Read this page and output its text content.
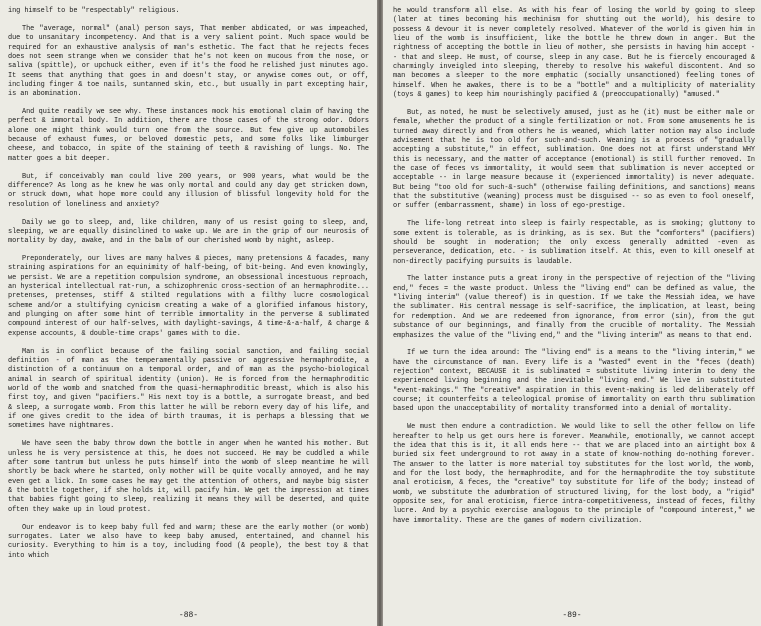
ing himself to be "respectably" religious.

The "average, normal" (anal) person says, That member abdicated, or was impeached, due to unsanitary incompetency. And that is a very salient point. Much space would be required for an exhaustive analysis of man's esthetic. The fact that he rejects feces does not seem strange when we consider that he's not keen on mucous from the nose, or saliva (spittle), or upchuck either, even if it's the food he relished just minutes ago. It seems that anything that goes in and doesn't stay, or anywise comes out, or off, including finger & toe nails, suntanned skin, etc., but usually in part excepting hair, is an abomination.

And quite readily we see why. These instances mock his emotional claim of having the perfect & immortal body. In addition, there are those cases of the strong odor. Odors alone one might think would turn one from the source. But few give up automobiles because of exhaust fumes, or beloved domestic pets, and some folks like limburger cheese, and tobacco, in spite of the staining of teeth & ravishing of lungs. No. The matter goes a bit deeper.

But, if conceivably man could live 200 years, or 900 years, what would be the difference? As long as he knew he was only mortal and could any day get stricken down, or struck down, what hope more could any illusion of blissful longevity hold for the resolution of loneliness and anxiety?

Daily we go to sleep, and, like children, many of us resist going to sleep, and, sleeping, we are equally disinclined to wake up. We are in the grip of our neurosis of mortality by day, awake, and in the balm of our cherished womb by night, asleep.

Preponderately, our lives are many halves & pieces, many pretensions & facades, many straining aspirations for an equinimity of half-being, of bit-being. And even knowingly, we persist. We are a repetition compulsion syndrome, an obsessional incestuous reproach, an hysterical intellectual rat-run, a schizophrenic cross-section of an hermaphrodite... pretenses, pretenses, stiff & stilted regulations with a filthy lucre cosmological scheme and/or a stultifying cynicism creating a wake of a glorified infamous history, and plunging on after some hint of terrible immortality in the perverse & sublimated compound interest of our half-selves, with daylight-savings, & time-&-a-half, & charge & expense accounts, & double-time craps' games with to die.

Man is in conflict because of the failing social sanction, and failing social definition - of man as the temperamentally passive or aggressive hermaphrodite, a distinction of a continuum on a temporal order, and of man as the psycho-biological animal in search of spiritual identity (union). He is forced from the hermaphroditic world of the womb and snatched from the quasi-hermaphroditic breast, which is also his first toy, and given "pacifiers." His next toy is a bottle, a surrogate breast, and bed & sleep, a surrogate womb. From this latter he will be reborn every day of his life, and if one gives credit to the idea of birth traumas, it is perhaps a blessing that we sometimes have nightmares.

We have seen the baby throw down the bottle in anger when he wanted his mother. But unless he is very persistence at this, he does not succeed. He may be cuddled a while after some tantrum but unless he puts himself into the womb of sleep meantime he will shortly be back where he started, only mother will be quite vocally annoyed, and he may even get a lick. In some cases he may get the attention of others, and maybe big sister & the bottle together, if she holds it, will pacify him. We get the impression at times that babies fight going to sleep, realizing it means they will be deserted, and quite often they wake up in loud protest.

Our endeavor is to keep baby full fed and warm; these are the early mother (or womb) surrogates. Later we also have to keep baby amused, entertained, and channel his curiosity. Everything to him is a toy, including food (& people), the best toy & that into which

-88-

he would transform all else. As with his fear of losing the world by going to sleep (later at times becoming his mechinism for shutting out the world), his desire to possess & devour it is never completely resolved. Whatever of the world is given him in lieu of the womb is insufficient, like the bottle he threw down in anger. But the rightness of accepting the bottle in lieu of mother, she persists in having him accept -- that and sleep. He must, of course, sleep in any case. But he is fiercely encouraged & charmingly inveigled into sleeping, thereby to resolve his wakeful discontent. And so man becomes a sleeper to the more emphatic (socially unsanctioned) feeling tones of himself. When he awakes, there is to be a "bottle" and a multiplicity of materiality (toys & games) to keep him nourishingly pacified & (preoccupationally) "amused."

But, as noted, he must be selectively amused, just as he (it) must be either male or female, whether the product of a single fertilization or not. From some amusements he is turned away directly and from others he is weaned, which latter notion may also include advisement that he is too old for such-and-such. Weaning is a process of "gradually accepting a substitute," in effect, sublimation. One does not at first understand WHY this is necessary, and the matter of acceptance (emotional) is still further removed. In the case of feces vs immortality, it would seem that sublimation is never accepted or acceptable -- in large measure because it (experienced immortality) is never adequate. But being "too old for such-&-such" (otherwise failing definitions, and sanctions) means that the substitutive (weaning) process must be disguised -- so as even to fool oneself, or suffer (embarrassment, shame) in loss of ego-prestige.

The life-long retreat into sleep is fairly respectable, as is smoking; gluttony to some extent is tolerable, as is drinking, as is sex. But the "comforters" (pacifiers) should be sought in moderation; the only excess generally admitted -even as perseverance, dedication, etc. - is sublimation itself. At this, even to kill oneself at non-directly pacifying pursuits is laudable.

The latter instance puts a great irony in the perspective of rejection of the "living end," feces = the waste product. Unless the "living end" can be defined as value, the "living interim" (value thereof) is in question. If we take the Messiah idea, we have the sublimater. His central message is self-sacrifice, the implication, at least, being for redemption. And we are redeemed from ignorance, from error (sin), from the gut substance of our beginnings, and finally from the crucible of mortality. The Messiah emphasizes the value of the "living end," and the "living interim" as means to that end.

If we turn the idea around: The "living end" is a means to the "living interim," we have the circumstance of man. Every life is a "wasted" event in the "feces (death) rejection" context, BECAUSE it is sublimated = substitute living interim to deny the experienced living beginning and the inevitable "living end." We live in substituted "event-makings." The "creative" aspiration in this event-making is led deliberately off course; it counterfeits a teleological promise of immortality on earth thru sublimation based upon the unacceptability of mortality transformed into a denial of mortality.

We must then endure a contradiction. We would like to sell the other fellow on life hereafter to help us get ours here is forever. Meanwhile, emotionally, we cannot accept the idea that this is it, it all ends here -- that we are placed into an airtight box & buried six feet underground to rot away in a state of know-nothing do-nothing forever. The answer to the latter is more material toy substitutes for the lost world, the womb, and for the lost body, the hermaphrodite, and for the hermaphrodite the toy substitute anal eroticism, & feces, the "creative" toy substitute for life of the body; instead of womb, we substitute the adumbration of structured living, for the lost body, a "rigid" opposite sex, for anal eroticism, fierce intra-competitiveness, instead of feces, filthy lucre. And by a psychic exercise analogous to the principle of "compound interest," we have immortality. These are the games of modern civilization.

-89-
